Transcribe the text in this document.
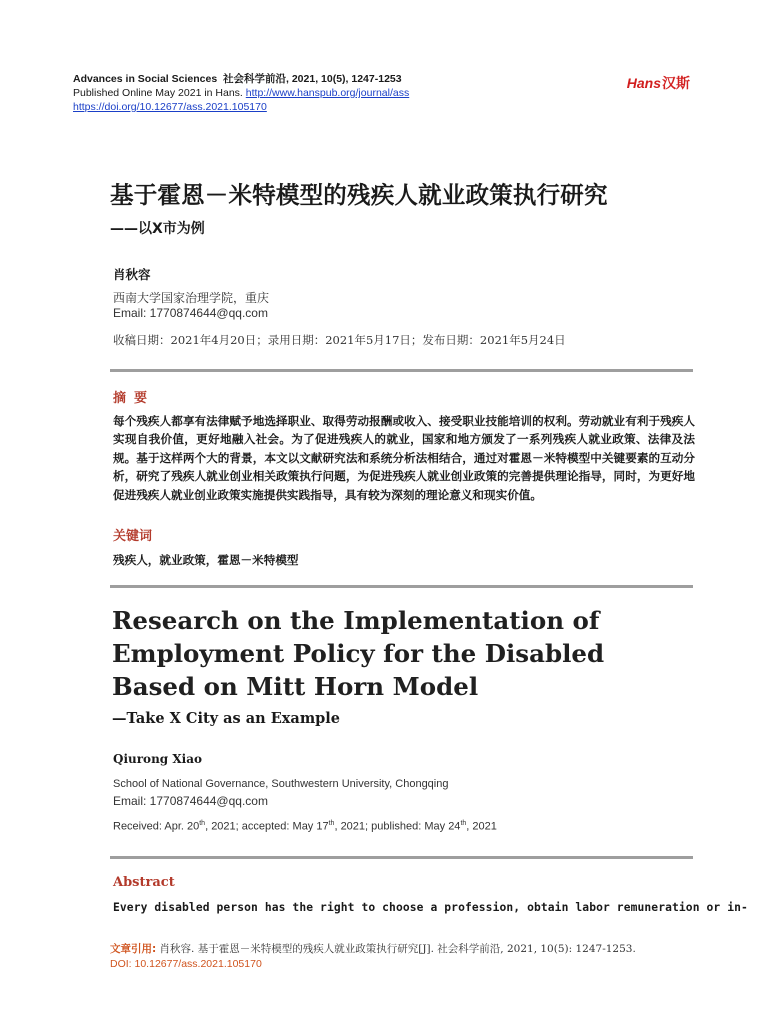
Advances in Social Sciences 社会科学前沿, 2021, 10(5), 1247-1253
Published Online May 2021 in Hans. http://www.hanspub.org/journal/ass
https://doi.org/10.12677/ass.2021.105170
Hans汉斯
基于霍恩－米特模型的残疾人就业政策执行研究
——以X市为例
肖秋容
西南大学国家治理学院，重庆
Email: 1770874644@qq.com
收稿日期：2021年4月20日；录用日期：2021年5月17日；发布日期：2021年5月24日
摘要
每个残疾人都享有法律赋予地选择职业、取得劳动报酬或收入、接受职业技能培训的权利。劳动就业有利于残疾人实现自我价值，更好地融入社会。为了促进残疾人的就业，国家和地方颁发了一系列残疾人就业政策、法律及法规。基于这样两个大的背景，本文以文献研究法和系统分析法相结合，通过对霍恩－米特模型中关键要素的互动分析，研究了残疾人就业创业相关政策执行问题，为促进残疾人就业创业政策的完善提供理论指导，同时，为更好地促进残疾人就业创业政策实施提供实践指导，具有较为深刻的理论意义和现实价值。
关键词
残疾人，就业政策，霍恩－米特模型
Research on the Implementation of Employment Policy for the Disabled Based on Mitt Horn Model
—Take X City as an Example
Qiurong Xiao
School of National Governance, Southwestern University, Chongqing
Email: 1770874644@qq.com
Received: Apr. 20th, 2021; accepted: May 17th, 2021; published: May 24th, 2021
Abstract
Every disabled person has the right to choose a profession, obtain labor remuneration or in-
文章引用: 肖秋容. 基于霍恩－米特模型的残疾人就业政策执行研究[J]. 社会科学前沿, 2021, 10(5): 1247-1253.
DOI: 10.12677/ass.2021.105170
